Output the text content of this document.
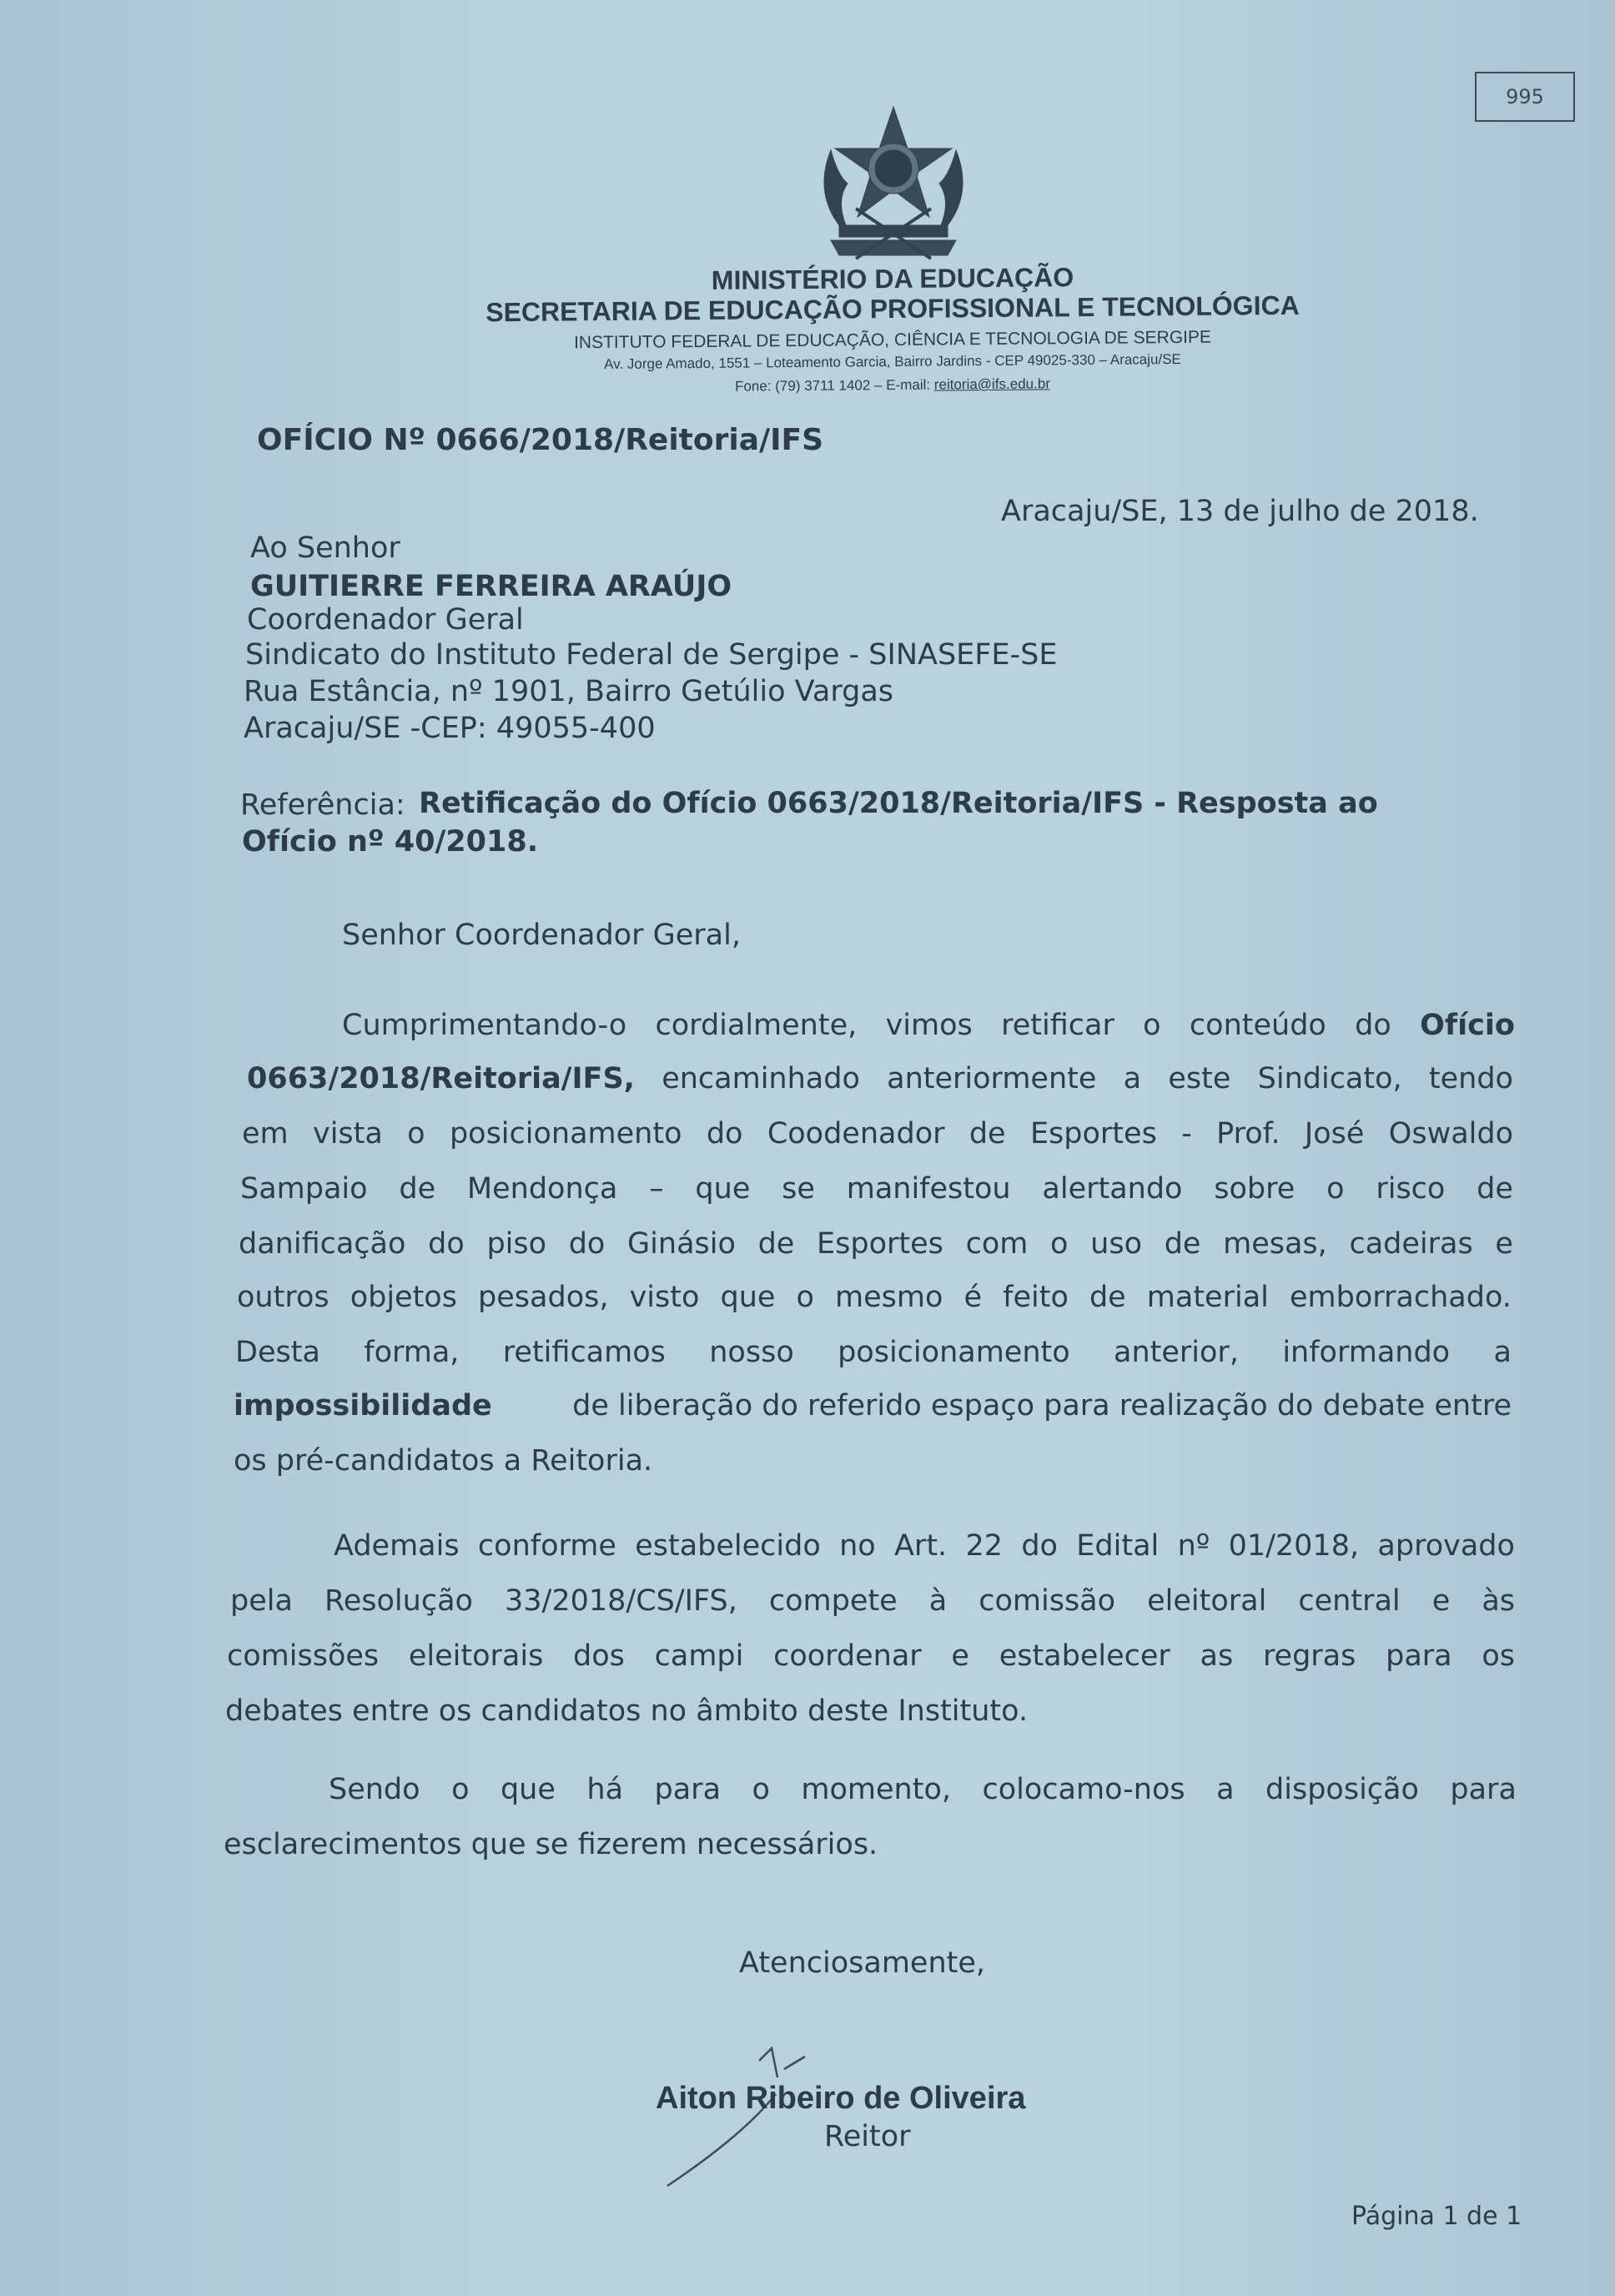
995
MINISTÉRIO DA EDUCAÇÃO
SECRETARIA DE EDUCAÇÃO PROFISSIONAL E TECNOLÓGICA
INSTITUTO FEDERAL DE EDUCAÇÃO, CIÊNCIA E TECNOLOGIA DE SERGIPE
Av. Jorge Amado, 1551 – Loteamento Garcia, Bairro Jardins - CEP 49025-330 – Aracaju/SE
Fone: (79) 3711 1402 – E-mail: reitoria@ifs.edu.br
OFÍCIO Nº 0666/2018/Reitoria/IFS
Aracaju/SE, 13 de julho de 2018.
Ao Senhor
GUITIERRE FERREIRA ARAÚJO
Coordenador Geral
Sindicato do Instituto Federal de Sergipe - SINASEFE-SE
Rua Estância, nº 1901, Bairro Getúlio Vargas
Aracaju/SE -CEP: 49055-400
Referência: Retificação do Ofício 0663/2018/Reitoria/IFS - Resposta ao
Ofício nº 40/2018.
Senhor Coordenador Geral,
Cumprimentando-o cordialmente, vimos retificar o conteúdo do Ofício
0663/2018/Reitoria/IFS, encaminhado anteriormente a este Sindicato, tendo
em vista o posicionamento do Coodenador de Esportes - Prof. José Oswaldo
Sampaio de Mendonça – que se manifestou alertando sobre o risco de
danificação do piso do Ginásio de Esportes com o uso de mesas, cadeiras e
outros objetos pesados, visto que o mesmo é feito de material emborrachado.
Desta forma, retificamos nosso posicionamento anterior, informando a
impossibilidade	de liberação do referido espaço para realização do debate entre
os pré-candidatos a Reitoria.
Ademais conforme estabelecido no Art. 22 do Edital nº 01/2018, aprovado
pela Resolução 33/2018/CS/IFS, compete à comissão eleitoral central e às
comissões eleitorais dos campi coordenar e estabelecer as regras para os
debates entre os candidatos no âmbito deste Instituto.
Sendo o que há para o momento, colocamo-nos a disposição para
esclarecimentos que se fizerem necessários.
Atenciosamente,
Aiton Ribeiro de Oliveira
Reitor
Página 1 de 1
